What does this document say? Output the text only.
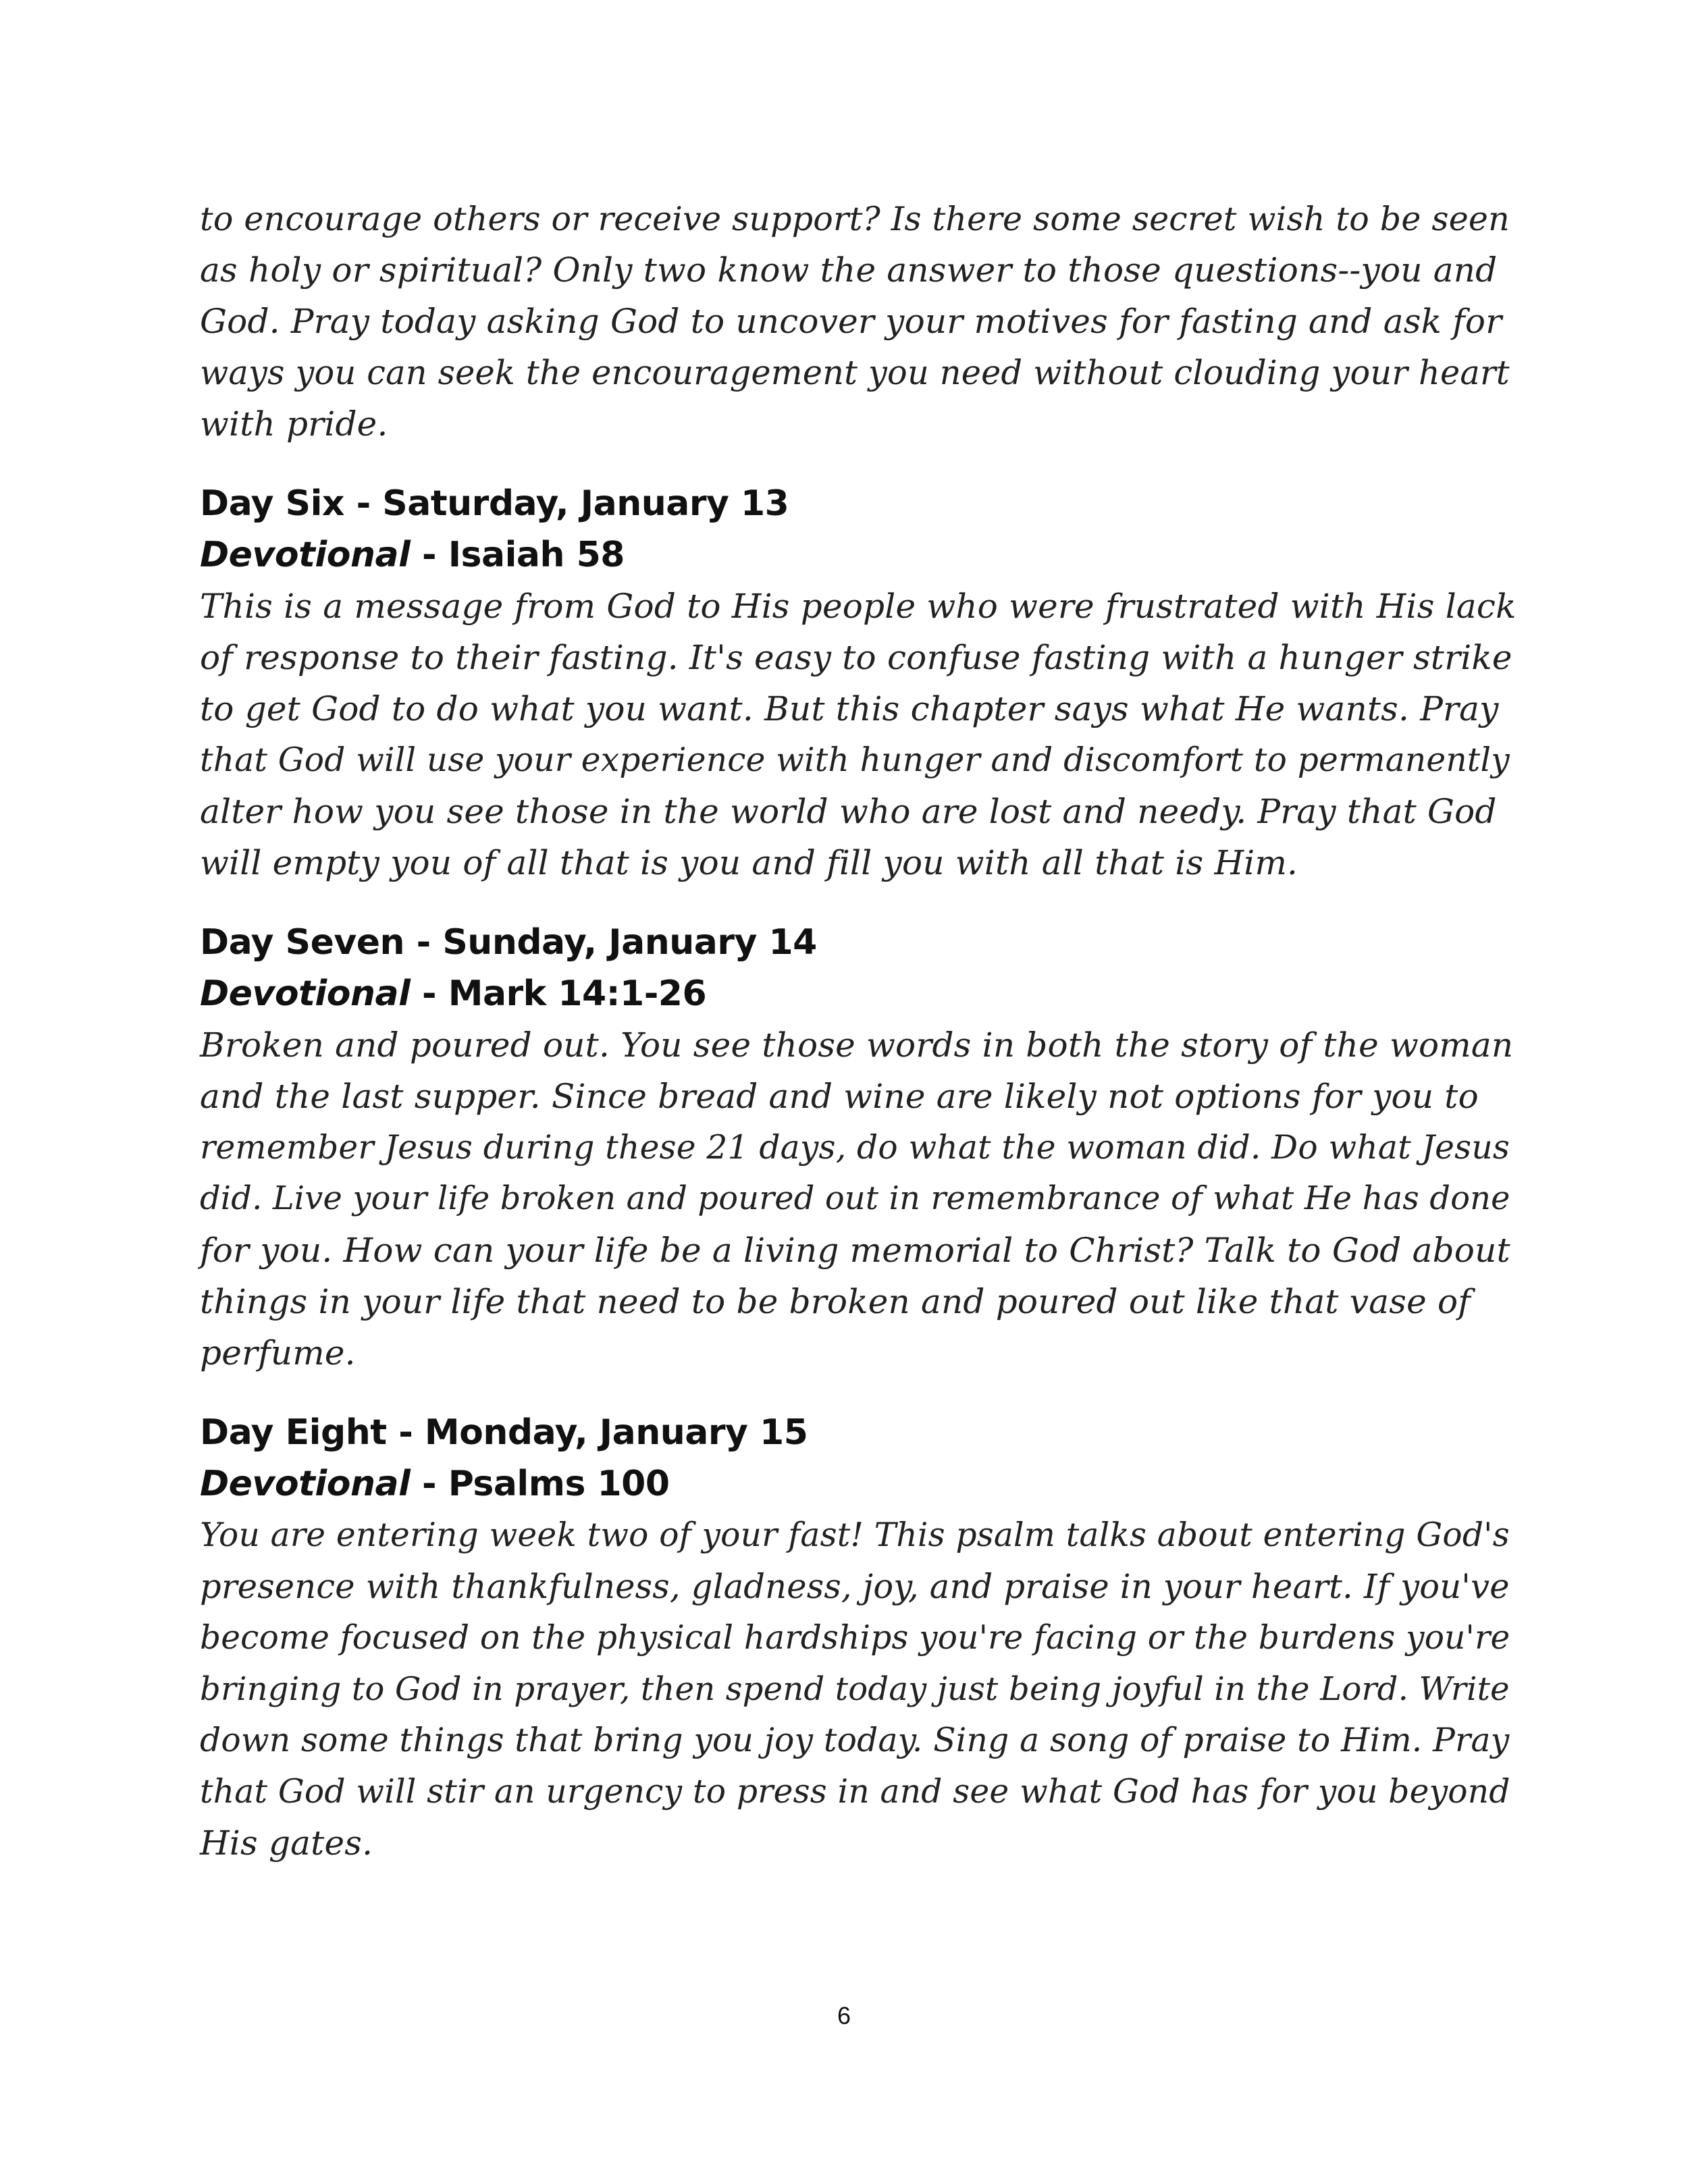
to encourage others or receive support? Is there some secret wish to be seen
as holy or spiritual? Only two know the answer to those questions--you and
God. Pray today asking God to uncover your motives for fasting and ask for
ways you can seek the encouragement you need without clouding your heart
with pride.
Day Six - Saturday, January 13
Devotional - Isaiah 58
This is a message from God to His people who were frustrated with His lack
of response to their fasting. It's easy to confuse fasting with a hunger strike
to get God to do what you want. But this chapter says what He wants. Pray
that God will use your experience with hunger and discomfort to permanently
alter how you see those in the world who are lost and needy. Pray that God
will empty you of all that is you and fill you with all that is Him.
Day Seven - Sunday, January 14
Devotional - Mark 14:1-26
Broken and poured out. You see those words in both the story of the woman
and the last supper. Since bread and wine are likely not options for you to
remember Jesus during these 21 days, do what the woman did. Do what Jesus
did. Live your life broken and poured out in remembrance of what He has done
for you. How can your life be a living memorial to Christ? Talk to God about
things in your life that need to be broken and poured out like that vase of
perfume.
Day Eight - Monday, January 15
Devotional - Psalms 100
You are entering week two of your fast! This psalm talks about entering God's
presence with thankfulness, gladness, joy, and praise in your heart. If you've
become focused on the physical hardships you're facing or the burdens you're
bringing to God in prayer, then spend today just being joyful in the Lord. Write
down some things that bring you joy today. Sing a song of praise to Him. Pray
that God will stir an urgency to press in and see what God has for you beyond
His gates.
6
